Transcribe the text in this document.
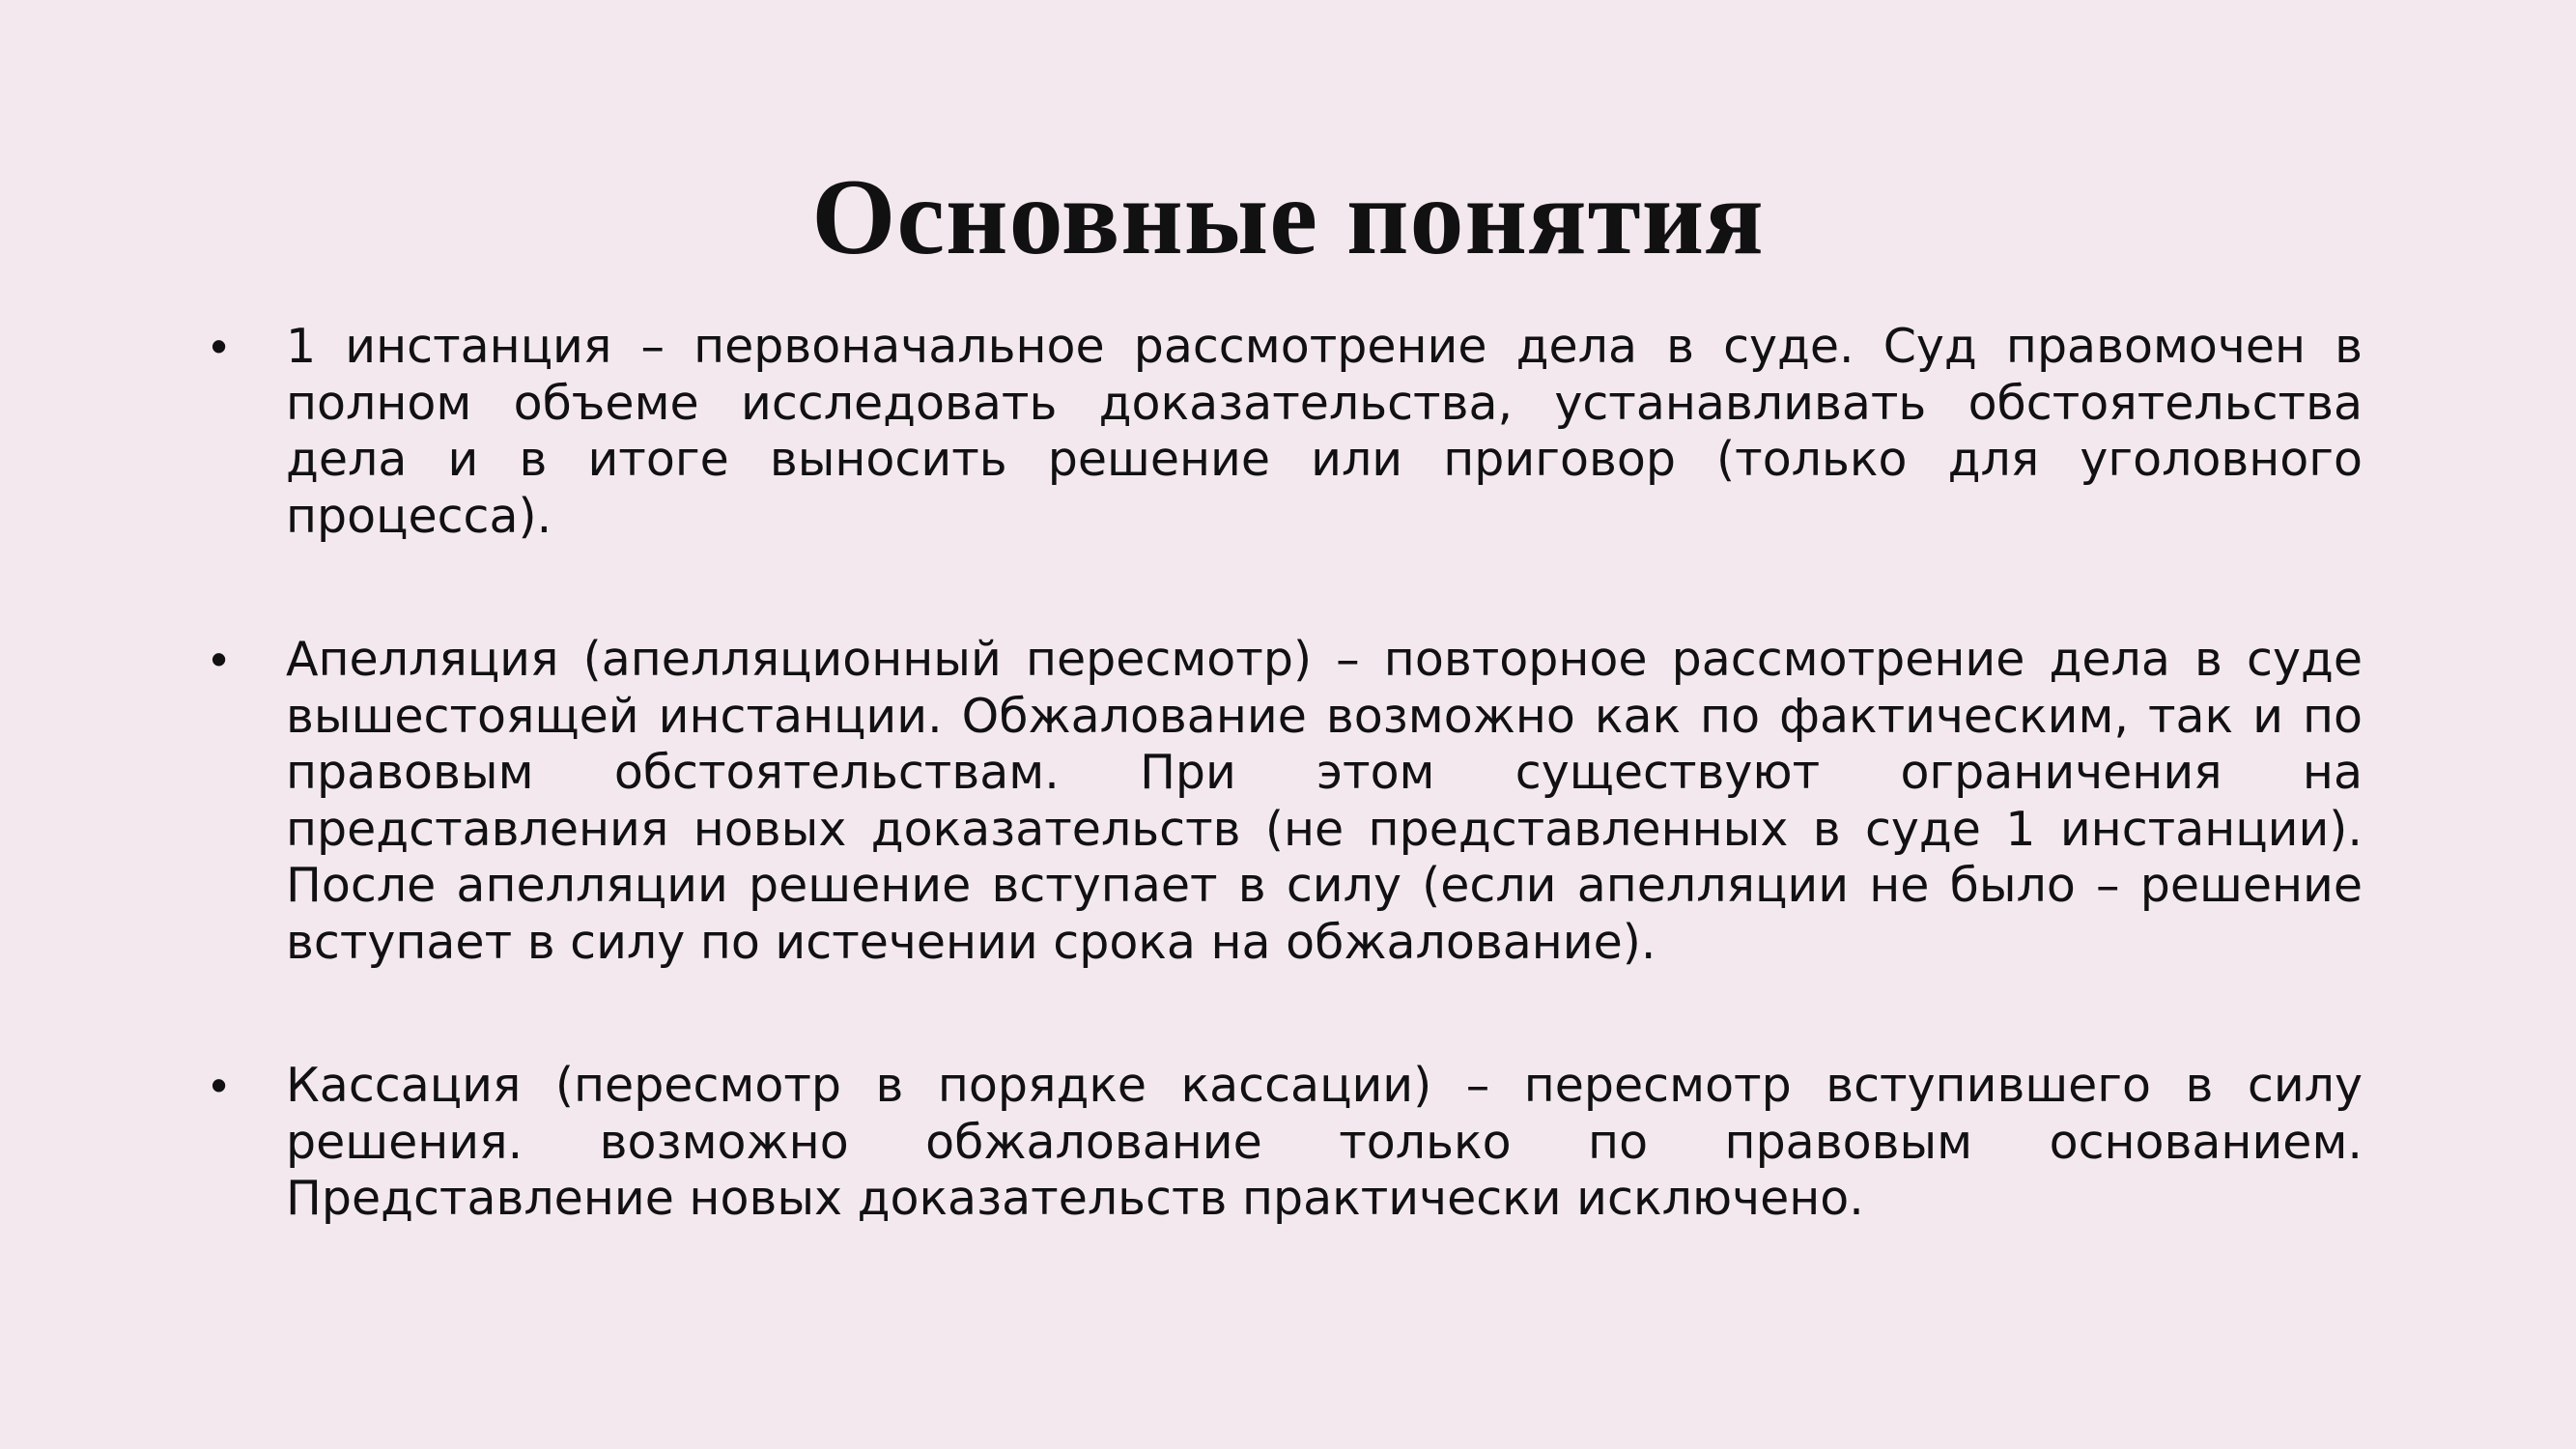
Основные понятия
•	1 инстанция – первоначальное рассмотрение дела в суде. Суд правомочен в полном объеме исследовать доказательства, устанавливать обстоятельства дела и в итоге выносить решение или приговор (только для уголовного процесса).
•	Апелляция (апелляционный пересмотр) – повторное рассмотрение дела в суде вышестоящей инстанции. Обжалование возможно как по фактическим, так и по правовым обстоятельствам. При этом существуют ограничения на представления новых доказательств (не представленных в суде 1 инстанции). После апелляции решение вступает в силу (если апелляции не было – решение вступает в силу по истечении срока на обжалование).
•	Кассация (пересмотр в порядке кассации) – пересмотр вступившего в силу решения. возможно обжалование только по правовым основанием. Представление новых доказательств практически исключено.
